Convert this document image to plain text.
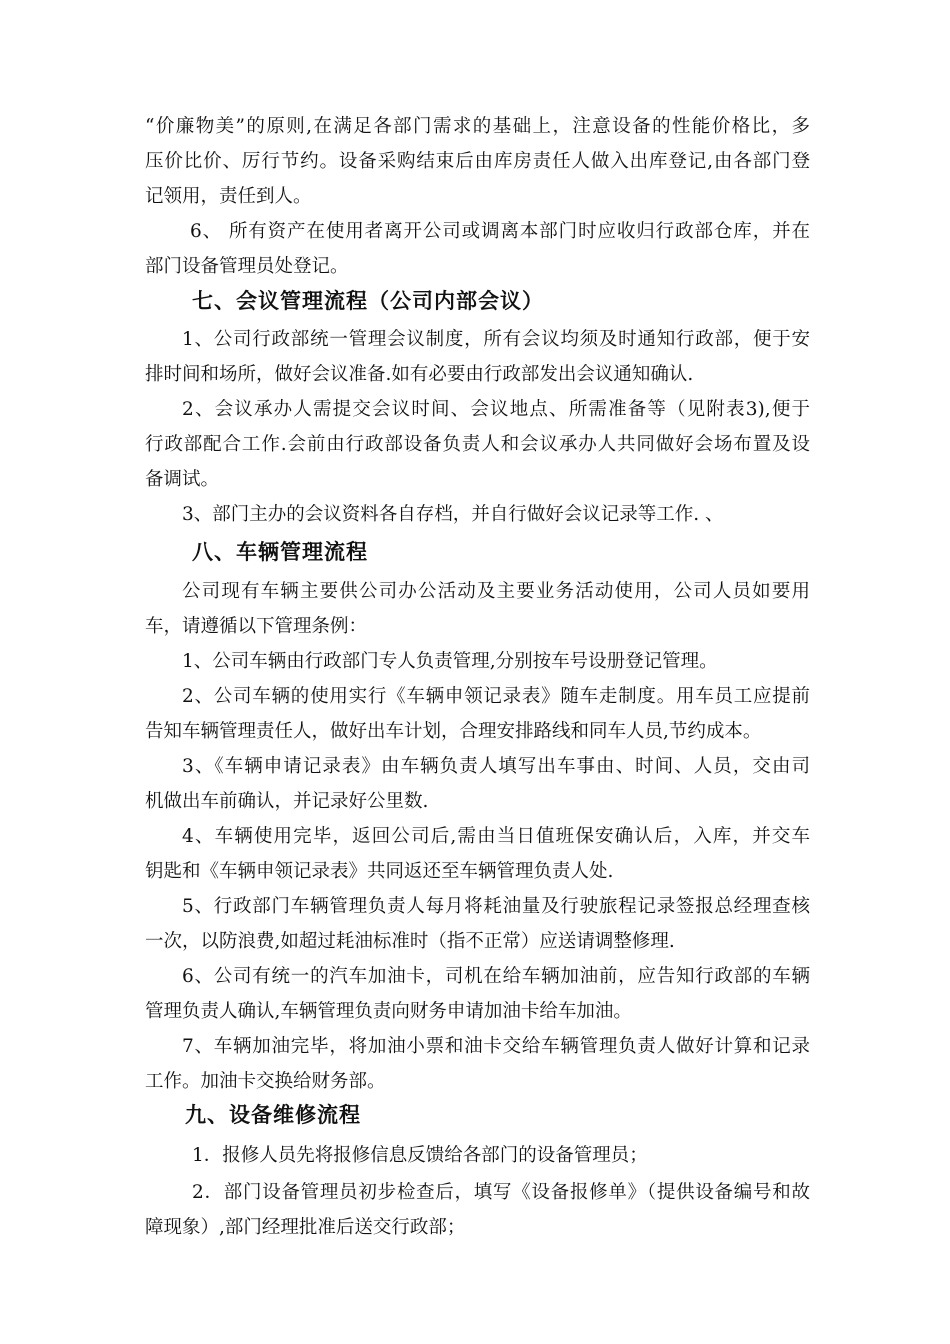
“价廉物美”的原则,在满足各部门需求的基础上，注意设备的性能价格比，多
压价比价、厉行节约。设备采购结束后由库房责任人做入出库登记,由各部门登
记领用，责任到人。
6、 所有资产在使用者离开公司或调离本部门时应收归行政部仓库，并在
部门设备管理员处登记。
七、会议管理流程（公司内部会议）
1、公司行政部统一管理会议制度，所有会议均须及时通知行政部，便于安
排时间和场所，做好会议准备.如有必要由行政部发出会议通知确认.
2、会议承办人需提交会议时间、会议地点、所需准备等（见附表3),便于
行政部配合工作.会前由行政部设备负责人和会议承办人共同做好会场布置及设
备调试。
3、部门主办的会议资料各自存档，并自行做好会议记录等工作. 、
八、车辆管理流程
公司现有车辆主要供公司办公活动及主要业务活动使用，公司人员如要用
车，请遵循以下管理条例：
1、公司车辆由行政部门专人负责管理,分别按车号设册登记管理。
2、公司车辆的使用实行《车辆申领记录表》随车走制度。用车员工应提前
告知车辆管理责任人，做好出车计划，合理安排路线和同车人员,节约成本。
3、《车辆申请记录表》由车辆负责人填写出车事由、时间、人员，交由司
机做出车前确认，并记录好公里数.
4、车辆使用完毕，返回公司后,需由当日值班保安确认后，入库，并交车
钥匙和《车辆申领记录表》共同返还至车辆管理负责人处.
5、行政部门车辆管理负责人每月将耗油量及行驶旅程记录签报总经理查核
一次，以防浪费,如超过耗油标准时（指不正常）应送请调整修理.
6、公司有统一的汽车加油卡，司机在给车辆加油前，应告知行政部的车辆
管理负责人确认,车辆管理负责向财务申请加油卡给车加油。
7、车辆加油完毕，将加油小票和油卡交给车辆管理负责人做好计算和记录
工作。加油卡交换给财务部。
九、设备维修流程
1．报修人员先将报修信息反馈给各部门的设备管理员；
2．部门设备管理员初步检查后，填写《设备报修单》（提供设备编号和故
障现象）,部门经理批准后送交行政部；
